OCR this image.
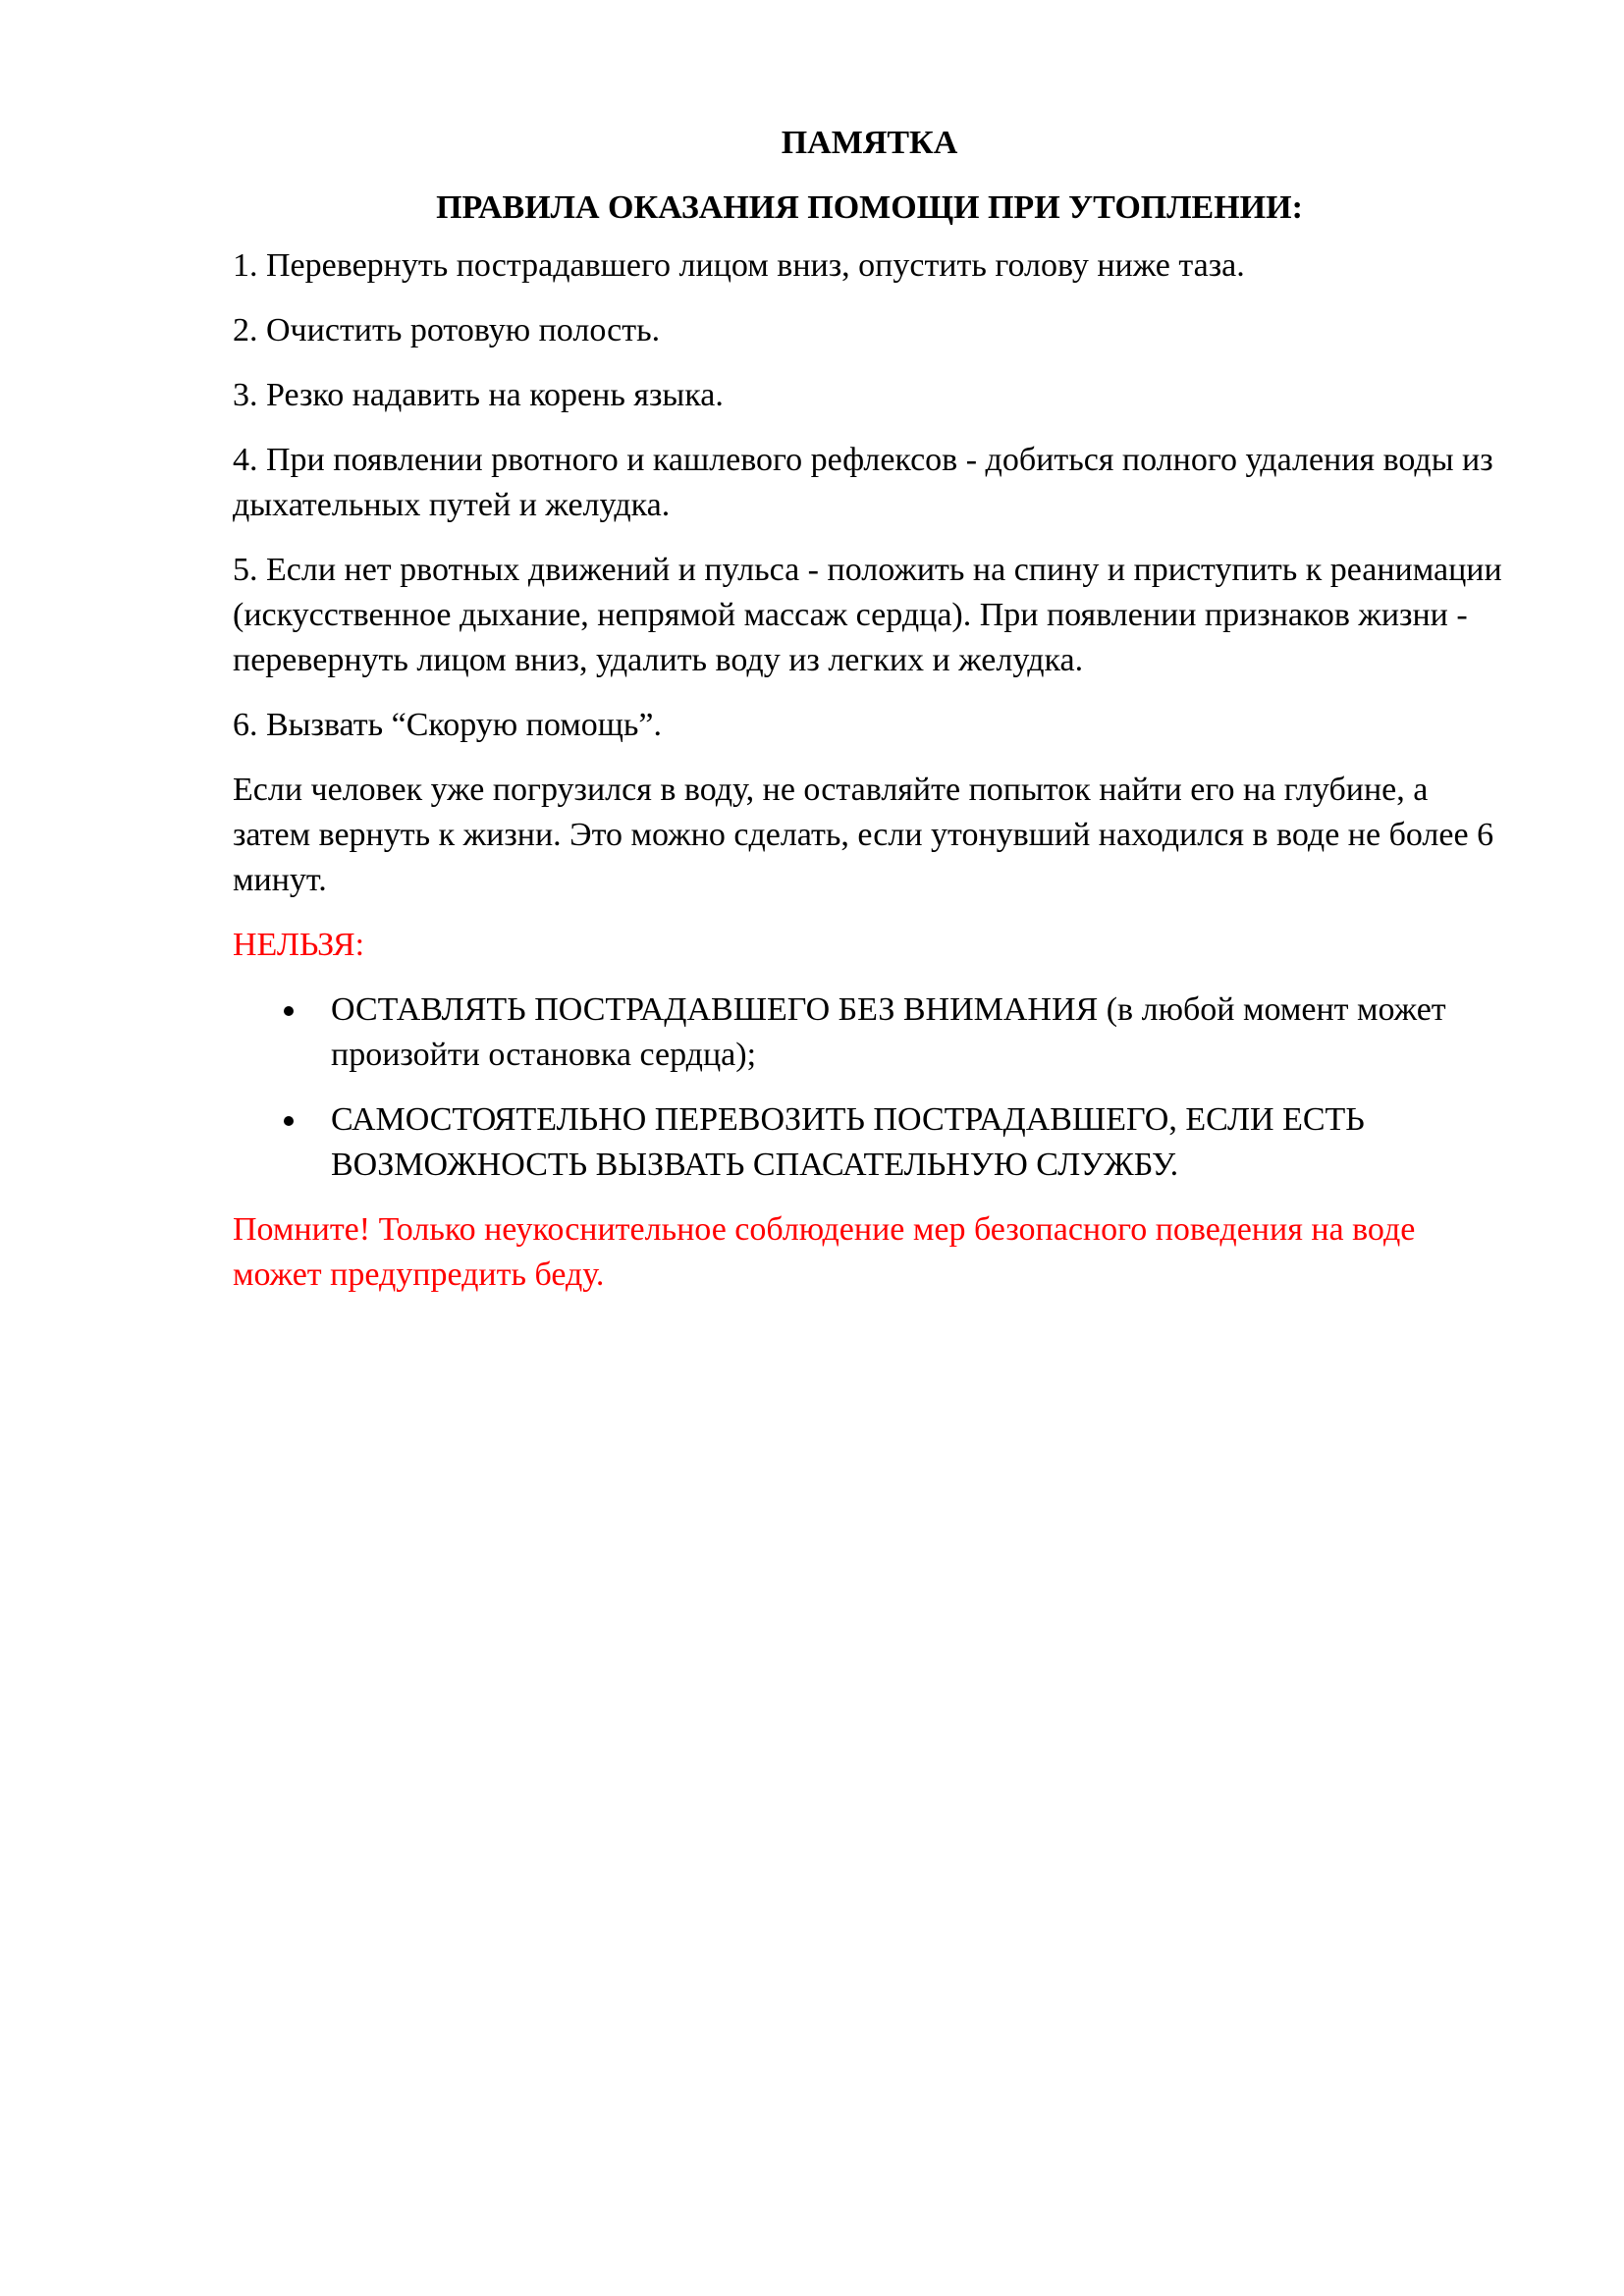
ПАМЯТКА
ПРАВИЛА ОКАЗАНИЯ ПОМОЩИ ПРИ УТОПЛЕНИИ:
1. Перевернуть пострадавшего лицом вниз, опустить голову ниже таза.
2. Очистить ротовую полость.
3. Резко надавить на корень языка.
4. При появлении рвотного и кашлевого рефлексов - добиться полного удаления воды из дыхательных путей и желудка.
5. Если нет рвотных движений и пульса - положить на спину и приступить к реанимации (искусственное дыхание, непрямой массаж сердца). При появлении признаков жизни - перевернуть лицом вниз, удалить воду из легких и желудка.
6. Вызвать “Скорую помощь”.
Если человек уже погрузился в воду, не оставляйте попыток найти его на глубине, а затем вернуть к жизни. Это можно сделать, если утонувший находился в воде не более 6 минут.
НЕЛЬЗЯ:
ОСТАВЛЯТЬ ПОСТРАДАВШЕГО БЕЗ ВНИМАНИЯ (в любой момент может произойти остановка сердца);
САМОСТОЯТЕЛЬНО ПЕРЕВОЗИТЬ ПОСТРАДАВШЕГО, ЕСЛИ ЕСТЬ ВОЗМОЖНОСТЬ ВЫЗВАТЬ СПАСАТЕЛЬНУЮ СЛУЖБУ.
Помните! Только неукоснительное соблюдение мер безопасного поведения на воде может предупредить беду.
